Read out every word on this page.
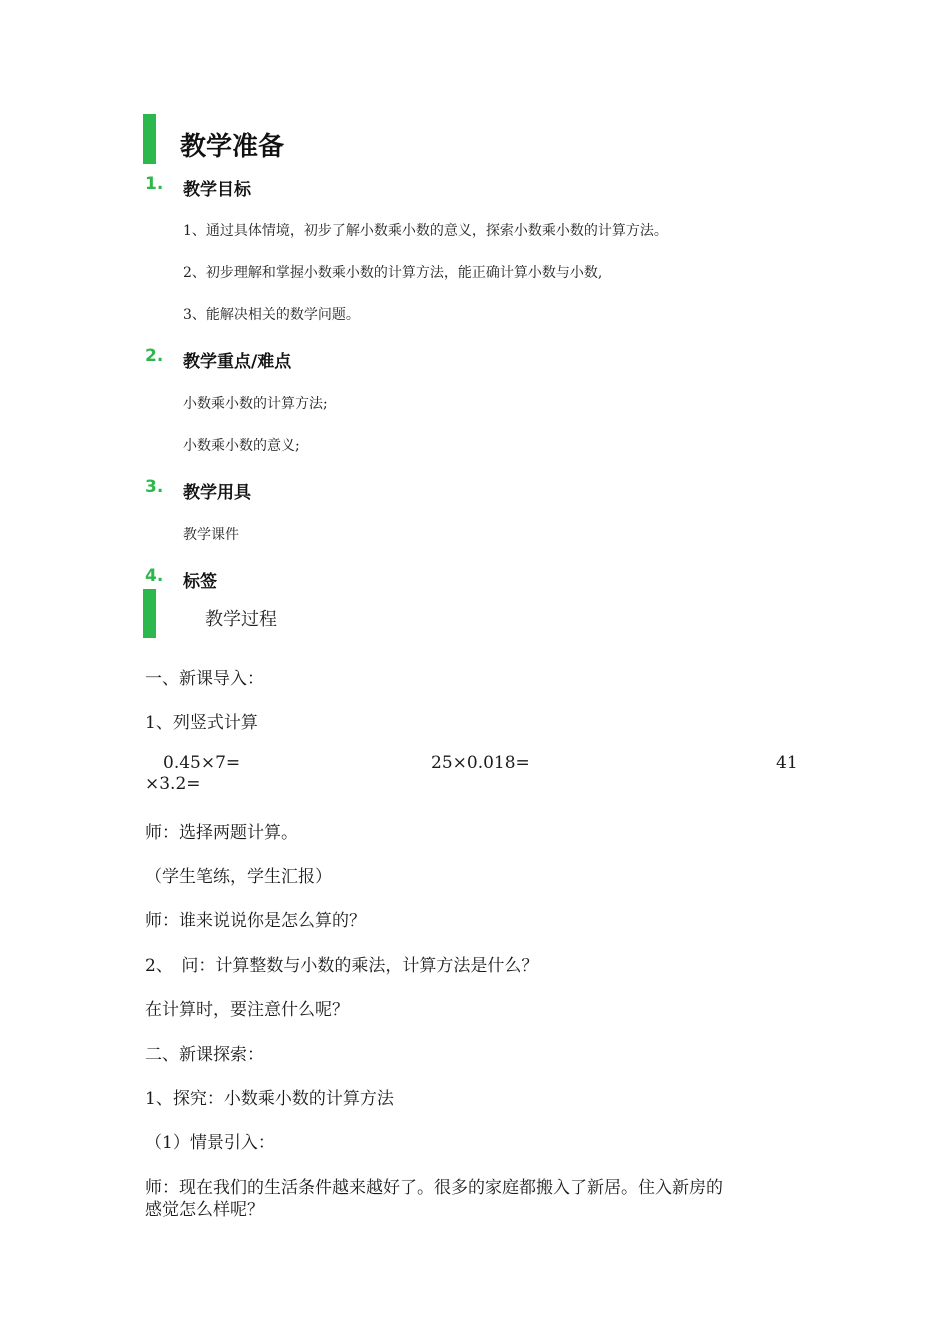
教学准备
1. 教学目标
1、通过具体情境，初步了解小数乘小数的意义，探索小数乘小数的计算方法。
2、初步理解和掌握小数乘小数的计算方法，能正确计算小数与小数,
3、能解决相关的数学问题。
2. 教学重点/难点
小数乘小数的计算方法;
小数乘小数的意义;
3. 教学用具
教学课件
4. 标签
教学过程
一、新课导入：
1、列竖式计算
0.45×7=	25×0.018=	41
×3.2=
师：选择两题计算。
（学生笔练，学生汇报）
师：谁来说说你是怎么算的？
2、　问：计算整数与小数的乘法，计算方法是什么？
在计算时，要注意什么呢？
二、新课探索：
1、探究：小数乘小数的计算方法
（1）情景引入：
师：现在我们的生活条件越来越好了。很多的家庭都搬入了新居。住入新房的
感觉怎么样呢？
